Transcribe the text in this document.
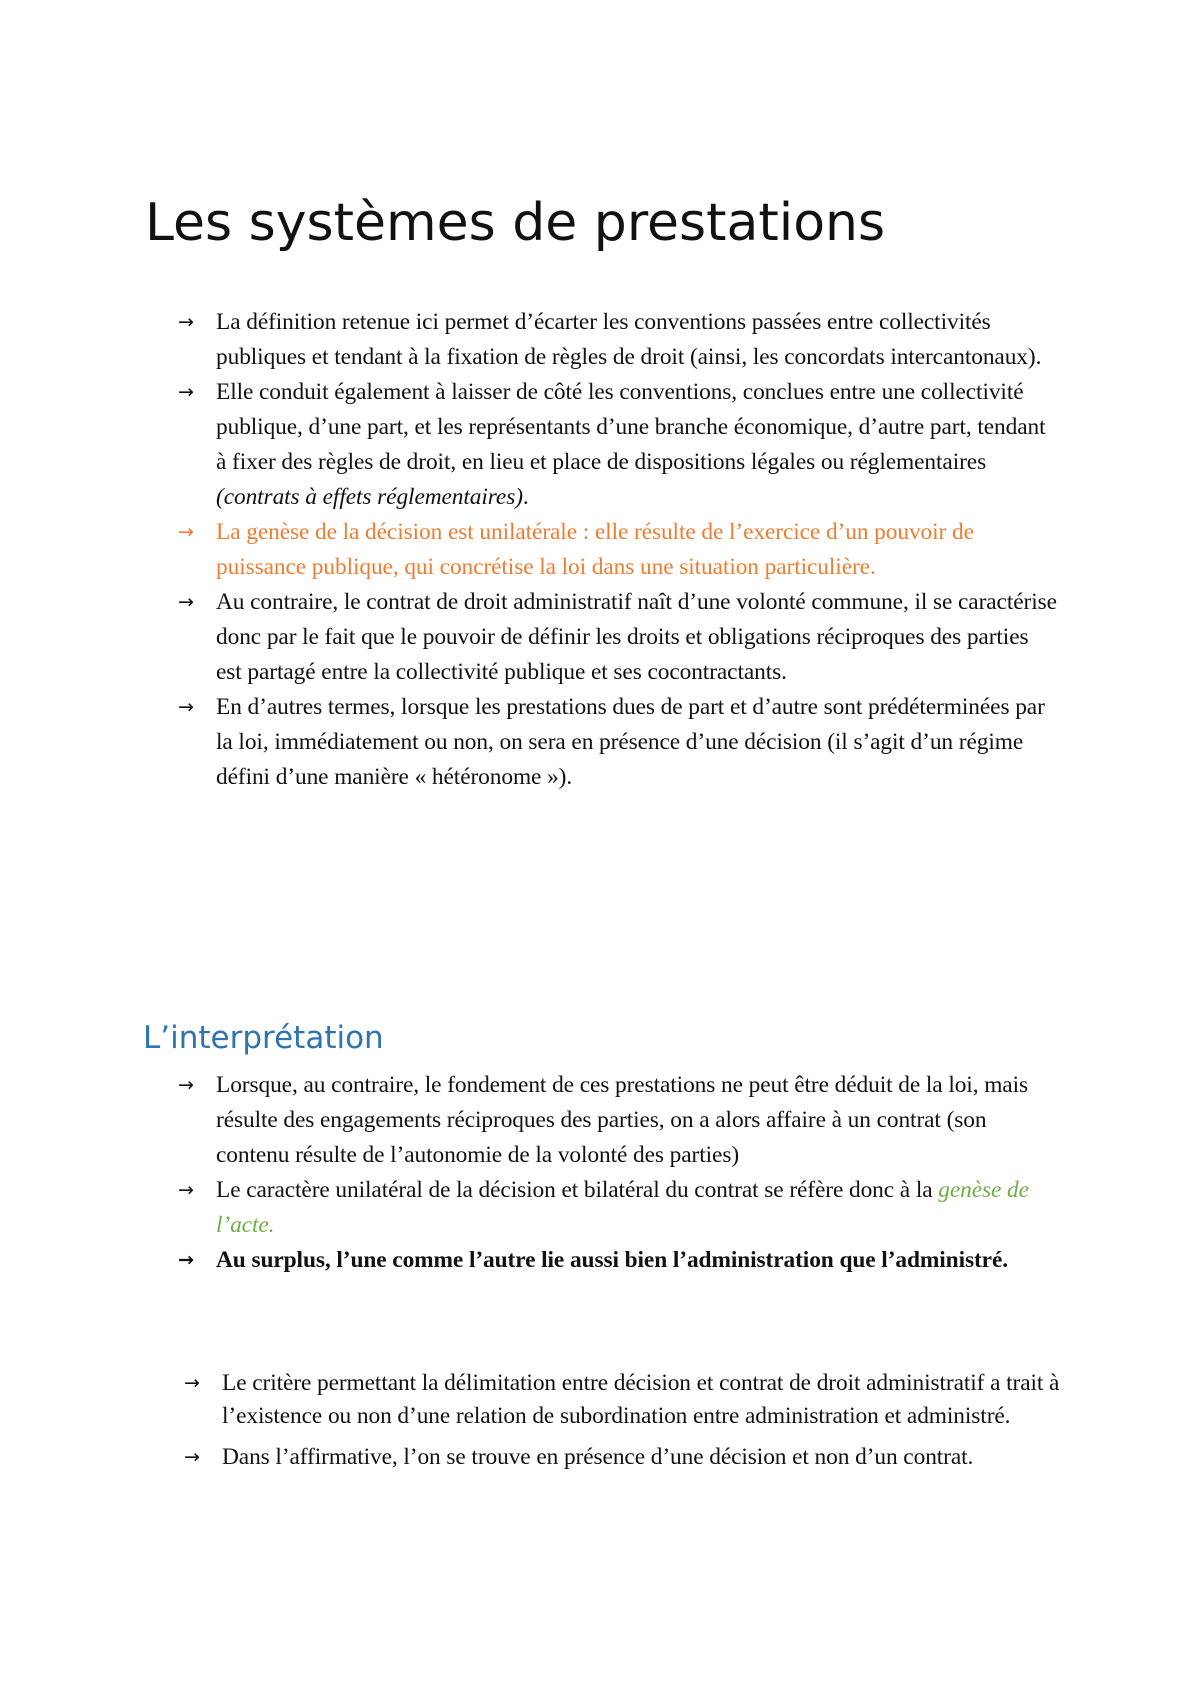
Les systèmes de prestations
→ La définition retenue ici permet d’écarter les conventions passées entre collectivités publiques et tendant à la fixation de règles de droit (ainsi, les concordats intercantonaux).
→ Elle conduit également à laisser de côté les conventions, conclues entre une collectivité publique, d’une part, et les représentants d’une branche économique, d’autre part, tendant à fixer des règles de droit, en lieu et place de dispositions légales ou réglementaires (contrats à effets réglementaires).
→ La genèse de la décision est unilatérale : elle résulte de l’exercice d’un pouvoir de puissance publique, qui concrétise la loi dans une situation particulière.
→ Au contraire, le contrat de droit administratif naît d’une volonté commune, il se caractérise donc par le fait que le pouvoir de définir les droits et obligations réciproques des parties est partagé entre la collectivité publique et ses cocontractants.
→ En d’autres termes, lorsque les prestations dues de part et d’autre sont prédéterminées par la loi, immédiatement ou non, on sera en présence d’une décision (il s’agit d’un régime défini d’une manière « hétéronome »).
L’interprétation
→ Lorsque, au contraire, le fondement de ces prestations ne peut être déduit de la loi, mais résulte des engagements réciproques des parties, on a alors affaire à un contrat (son contenu résulte de l’autonomie de la volonté des parties)
→ Le caractère unilatéral de la décision et bilatéral du contrat se réfère donc à la genèse de l’acte.
→ Au surplus, l’une comme l’autre lie aussi bien l’administration que l’administré.
→ Le critère permettant la délimitation entre décision et contrat de droit administratif a trait à l’existence ou non d’une relation de subordination entre administration et administré.
→ Dans l’affirmative, l’on se trouve en présence d’une décision et non d’un contrat.
